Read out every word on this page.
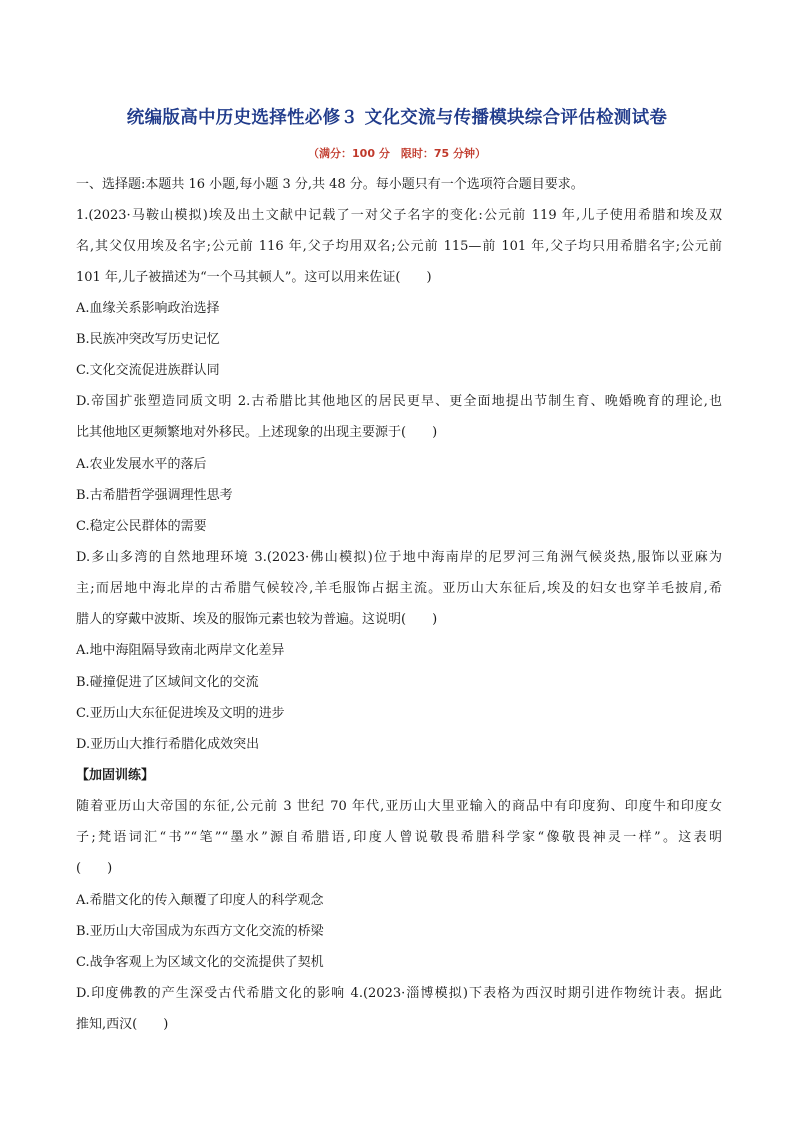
统编版高中历史选择性必修３ 文化交流与传播模块综合评估检测试卷
（满分：100 分　限时：75 分钟）
一、选择题:本题共 16 小题,每小题 3 分,共 48 分。每小题只有一个选项符合题目要求。
1.(2023·马鞍山模拟)埃及出土文献中记载了一对父子名字的变化:公元前 119 年,儿子使用希腊和埃及双
名,其父仅用埃及名字;公元前 116 年,父子均用双名;公元前 115—前 101 年,父子均只用希腊名字;公元前
101 年,儿子被描述为“一个马其顿人”。这可以用来佐证(　　)
A.血缘关系影响政治选择
B.民族冲突改写历史记忆
C.文化交流促进族群认同
D.帝国扩张塑造同质文明 2.古希腊比其他地区的居民更早、更全面地提出节制生育、晚婚晚育的理论,也
比其他地区更频繁地对外移民。上述现象的出现主要源于(　　)
A.农业发展水平的落后
B.古希腊哲学强调理性思考
C.稳定公民群体的需要
D.多山多湾的自然地理环境 3.(2023·佛山模拟)位于地中海南岸的尼罗河三角洲气候炎热,服饰以亚麻为
主;而居地中海北岸的古希腊气候较冷,羊毛服饰占据主流。亚历山大东征后,埃及的妇女也穿羊毛披肩,希
腊人的穿戴中波斯、埃及的服饰元素也较为普遍。这说明(　　)
A.地中海阻隔导致南北两岸文化差异
B.碰撞促进了区域间文化的交流
C.亚历山大东征促进埃及文明的进步
D.亚历山大推行希腊化成效突出
【加固训练】
随着亚历山大帝国的东征,公元前 3 世纪 70 年代,亚历山大里亚输入的商品中有印度狗、印度牛和印度女
子;梵语词汇“书”“笔”“墨水”源自希腊语,印度人曾说敬畏希腊科学家“像敬畏神灵一样”。这表明
(　　)
A.希腊文化的传入颠覆了印度人的科学观念
B.亚历山大帝国成为东西方文化交流的桥梁
C.战争客观上为区域文化的交流提供了契机
D.印度佛教的产生深受古代希腊文化的影响 4.(2023·淄博模拟)下表格为西汉时期引进作物统计表。据此
推知,西汉(　　)
